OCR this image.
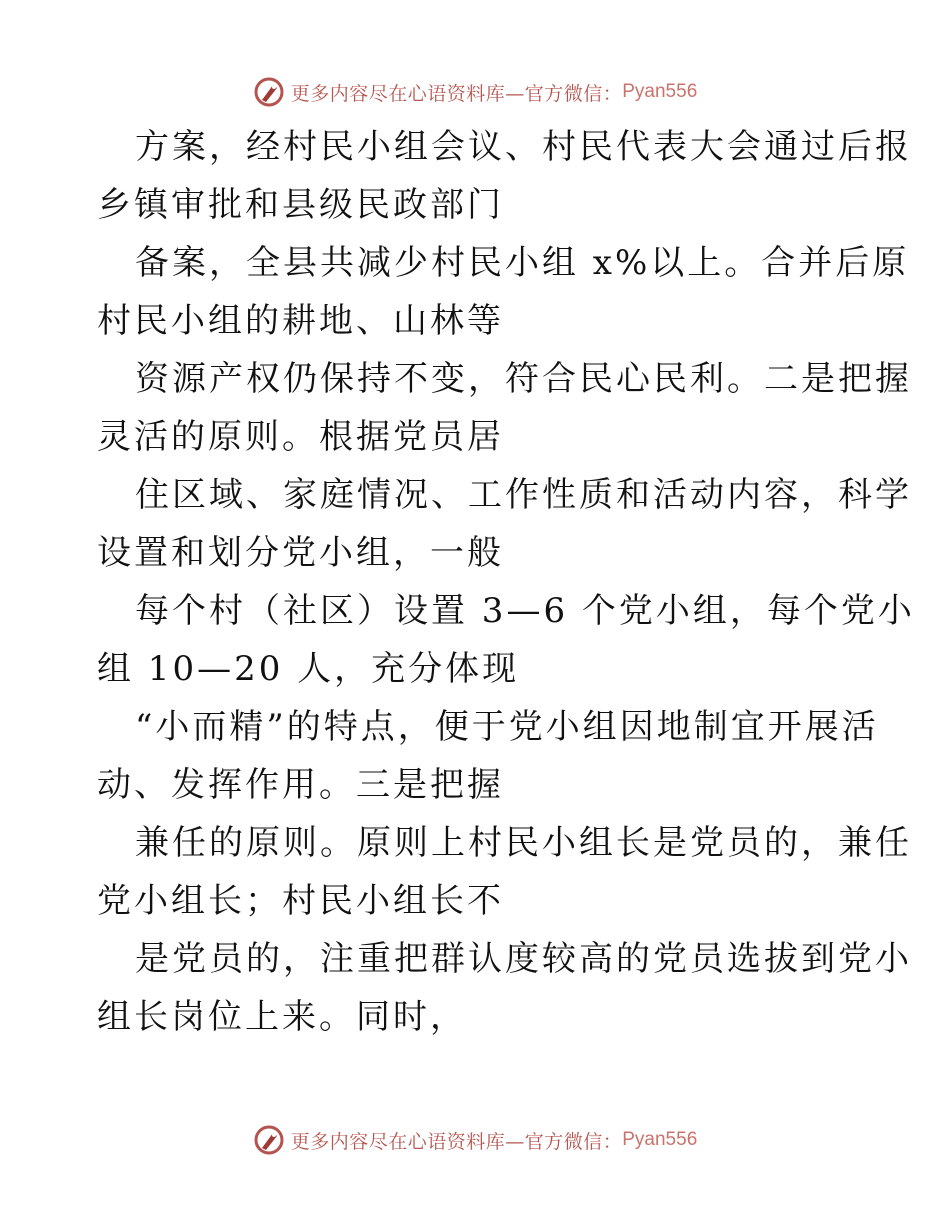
更多内容尽在心语资料库—官方微信： Pyan556
方案，经村民小组会议、村民代表大会通过后报
乡镇审批和县级民政部门
备案，全县共减少村民小组 x%以上。合并后原
村民小组的耕地、山林等
资源产权仍保持不变，符合民心民利。二是把握
灵活的原则。根据党员居
住区域、家庭情况、工作性质和活动内容，科学
设置和划分党小组，一般
每个村（社区）设置 3—6 个党小组，每个党小
组 10—20 人，充分体现
“小而精”的特点，便于党小组因地制宜开展活
动、发挥作用。三是把握
兼任的原则。原则上村民小组长是党员的，兼任
党小组长；村民小组长不
是党员的，注重把群认度较高的党员选拔到党小
组长岗位上来。同时，
更多内容尽在心语资料库—官方微信： Pyan556
